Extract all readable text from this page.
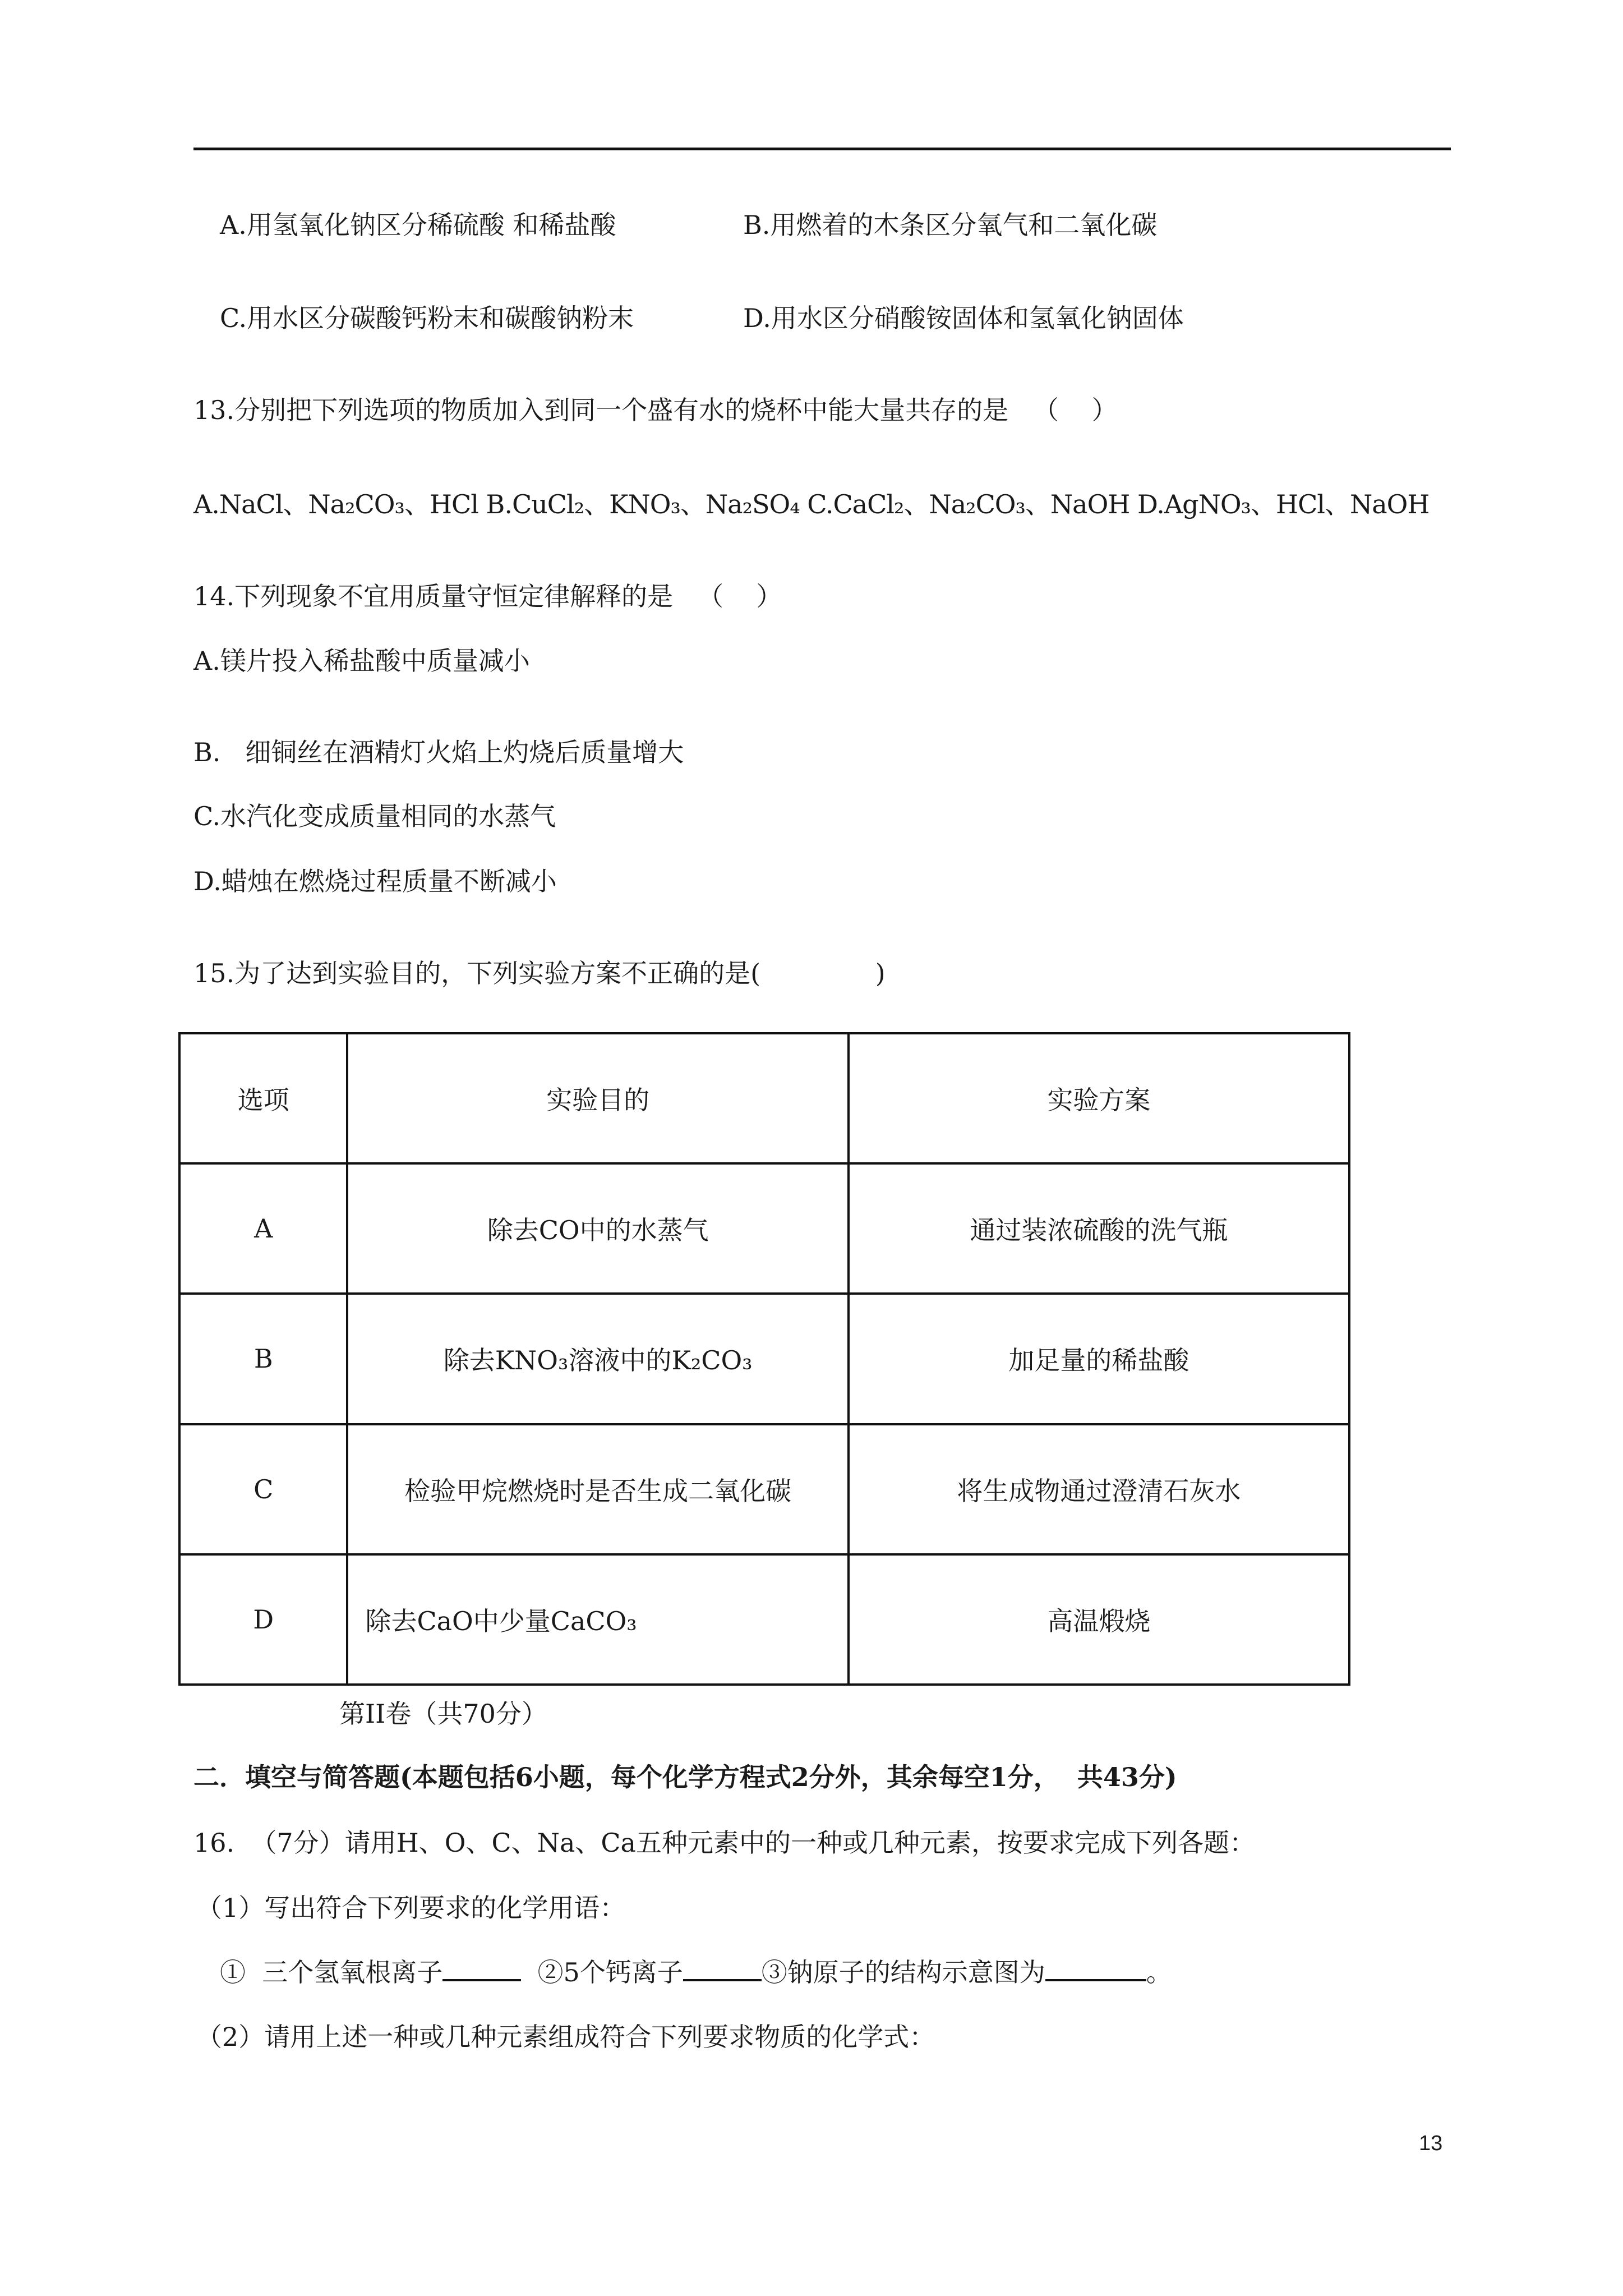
A.用氢氧化钠区分稀硫酸 和稀盐酸	B.用燃着的木条区分氧气和二氧化碳
C.用水区分碳酸钙粉末和碳酸钠粉末	D.用水区分硝酸铵固体和氢氧化钠固体
13.分别把下列选项的物质加入到同一个盛有水的烧杯中能大量共存的是   （    ）
A.NaCl、Na₂CO₃、HCl B.CuCl₂、KNO₃、Na₂SO₄ C.CaCl₂、Na₂CO₃、NaOH D.AgNO₃、HCl、NaOH
14.下列现象不宜用质量守恒定律解释的是   （    ）
A.镁片投入稀盐酸中质量减小
B.   细铜丝在酒精灯火焰上灼烧后质量增大
C.水汽化变成质量相同的水蒸气
D.蜡烛在燃烧过程质量不断减小
15.为了达到实验目的，下列实验方案不正确的是(              )
选项	实验目的	实验方案
A	除去CO中的水蒸气	通过装浓硫酸的洗气瓶
B	除去KNO₃溶液中的K₂CO₃	加足量的稀盐酸
C	检验甲烷燃烧时是否生成二氧化碳	将生成物通过澄清石灰水
D	除去CaO中少量CaCO₃	高温煅烧
第II卷（共70分）
二．填空与简答题(本题包括6小题，每个化学方程式2分外，其余每空1分，  共43分)
16.  （7分）请用H、O、C、Na、Ca五种元素中的一种或几种元素，按要求完成下列各题：
（1）写出符合下列要求的化学用语：
①  三个氢氧根离子	②5个钙离子	③钠原子的结构示意图为	。
（2）请用上述一种或几种元素组成符合下列要求物质的化学式：
13
